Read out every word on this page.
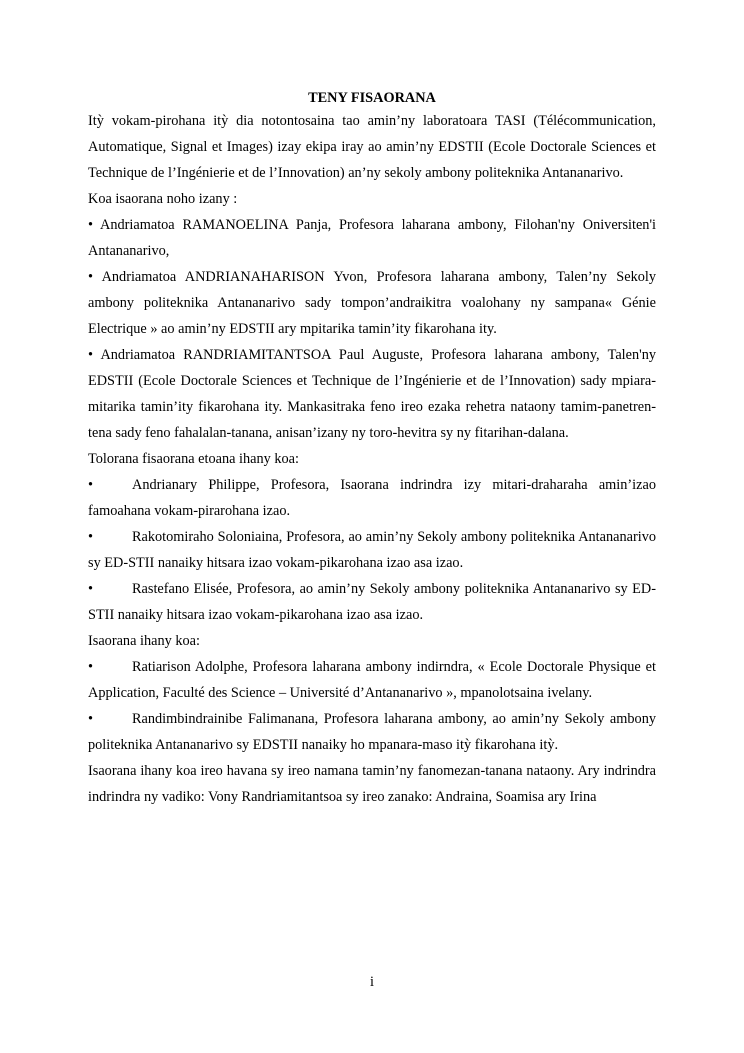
TENY FISAORANA

Itỳ vokam-pirohana itỳ dia notontosaina tao amin’ny laboratoara TASI (Télécommunication, Automatique, Signal et Images) izay ekipa iray ao amin’ny EDSTII (Ecole Doctorale Sciences et Technique de l’Ingénierie et de l’Innovation) an’ny sekoly ambony politeknika Antananarivo.

Koa isaorana noho izany :

• Andriamatoa RAMANOELINA Panja, Profesora laharana ambony, Filohan'ny Oniversiten'i Antananarivo,

• Andriamatoa ANDRIANAHARISON Yvon, Profesora laharana ambony, Talen’ny Sekoly ambony politeknika Antananarivo sady tompon’andraikitra voalohany ny sampana« Génie Electrique » ao amin’ny EDSTII ary mpitarika tamin’ity fikarohana ity.

• Andriamatoa RANDRIAMITANTSOA Paul Auguste, Profesora laharana ambony, Talen'ny EDSTII (Ecole Doctorale Sciences et Technique de l’Ingénierie et de l’Innovation) sady mpiara-mitarika tamin’ity fikarohana ity. Mankasitraka feno ireo ezaka rehetra nataony tamim-panetren-tena sady feno fahalalan-tanana, anisan’izany ny toro-hevitra sy ny fitarihan-dalana.

Tolorana fisaorana etoana ihany koa:

•	Andrianary Philippe, Profesora, Isaorana indrindra izy mitari-draharaha amin’izao famoahana vokam-pirarohana izao.

•	Rakotomiraho Soloniaina, Profesora, ao amin’ny Sekoly ambony politeknika Antananarivo sy ED-STII nanaiky hitsara izao vokam-pikarohana izao asa izao.

•	Rastefano Elisée, Profesora, ao amin’ny Sekoly ambony politeknika Antananarivo sy ED-STII nanaiky hitsara izao vokam-pikarohana izao asa izao.

Isaorana ihany koa:

•	Ratiarison Adolphe, Profesora laharana ambony indirndra, « Ecole Doctorale Physique et Application, Faculté des Science – Université d’Antananarivo », mpanolotsaina ivelany.

•	Randimbindrainibe Falimanana, Profesora laharana ambony, ao amin’ny Sekoly ambony politeknika Antananarivo sy EDSTII nanaiky ho mpanara-maso itỳ fikarohana itỳ.

Isaorana ihany koa ireo havana sy ireo namana tamin’ny fanomezan-tanana nataony. Ary indrindra indrindra ny vadiko: Vony Randriamitantsoa sy ireo zanako: Andraina, Soamisa ary Irina

i
